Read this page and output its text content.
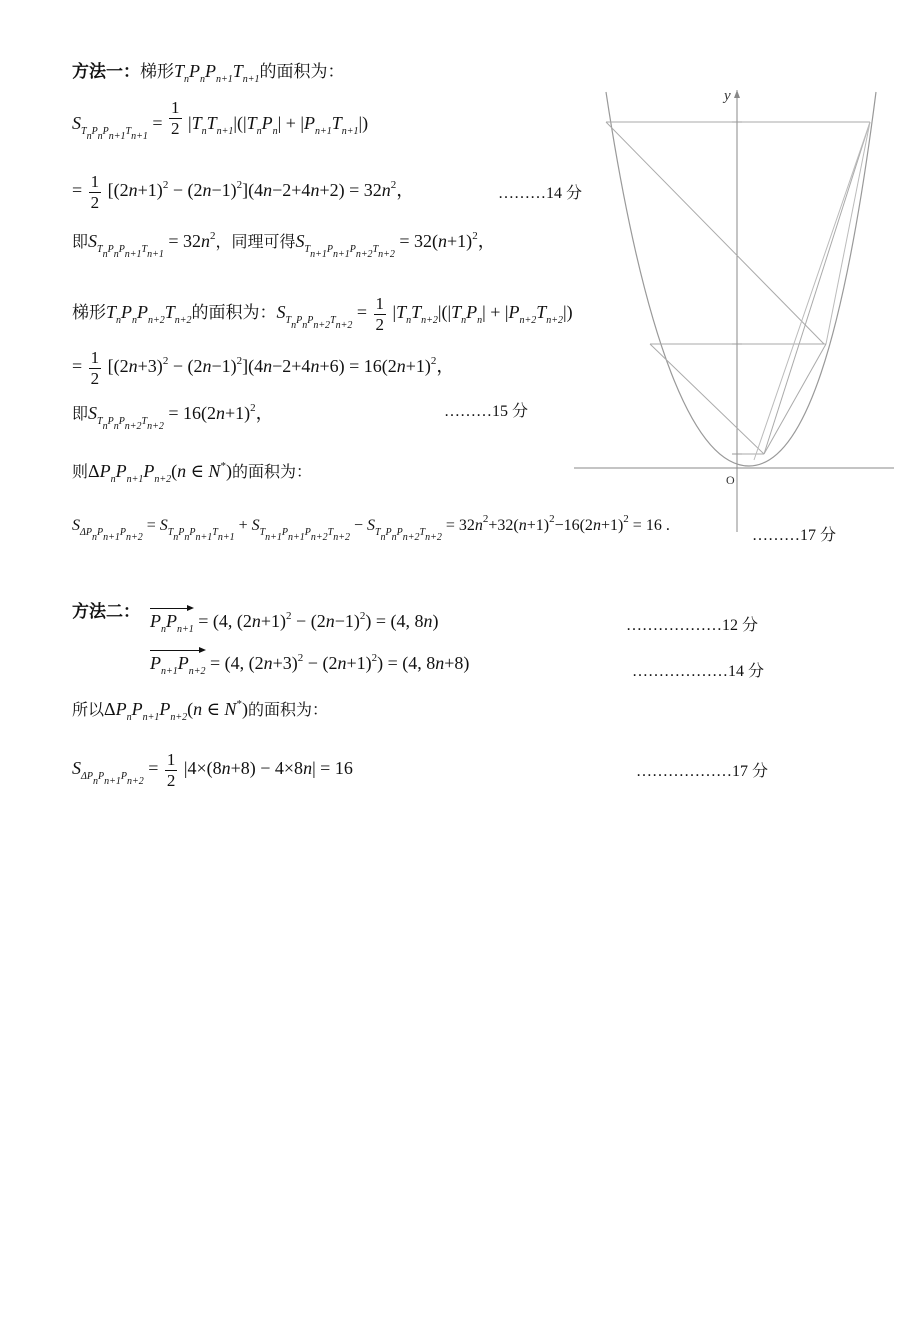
方法一：梯形$T_nP_nP_{n+1}T_{n+1}$的面积为：
$S_{T_nP_nP_{n+1}T_{n+1}} = \frac{1}{2} |T_nT_{n+1}|(|T_nP_n| + |P_{n+1}T_{n+1}|)$
= $\frac{1}{2} [(2n+1)^2 - (2n-1)^2](4n-2+4n+2) = 32n^2$，	………14 分
即$S_{T_nP_nP_{n+1}T_{n+1}} = 32n^2$，同理可得$S_{T_{n+1}P_{n+1}P_{n+2}T_{n+2}} = 32(n+1)^2$，
梯形$T_nP_nP_{n+2}T_{n+2}$的面积为：$S_{T_nP_nP_{n+2}T_{n+2}} = \frac{1}{2} |T_nT_{n+2}|(|T_nP_n| + |P_{n+2}T_{n+2}|)$
= $\frac{1}{2} [(2n+3)^2 - (2n-1)^2](4n-2+4n+6) = 16(2n+1)^2$，
即$S_{T_nP_nP_{n+2}T_{n+2}} = 16(2n+1)^2$，	………15 分
则$\Delta P_nP_{n+1}P_{n+2}(n$ ∈ N*)的面积为：
$S_{\Delta P_nP_{n+1}P_{n+2}} = S_{T_nP_nP_{n+1}T_{n+1}} + S_{T_{n+1}P_{n+1}P_{n+2}T_{n+2}} - S_{T_nP_nP_{n+2}T_{n+2}} = 32n^2+32(n+1)^2-16(2n+1)^2 = 16$ .
………17 分
方法二： $P_nP_{n+1} = (4$, $(2n+1)^2 - (2n-1)^2) = (4$, 8n)	………………12 分
$P_{n+1}P_{n+2} = (4$, $(2n+3)^2 - (2n+1)^2) = (4$, 8n+8)	………………14 分
所以$\Delta P_nP_{n+1}P_{n+2}(n$ ∈ N*)的面积为：
$S_{\Delta P_nP_{n+1}P_{n+2}} = \frac{1}{2} |4\times(8n+8) - 4\times 8n| = 16$	………………17 分
y
O
